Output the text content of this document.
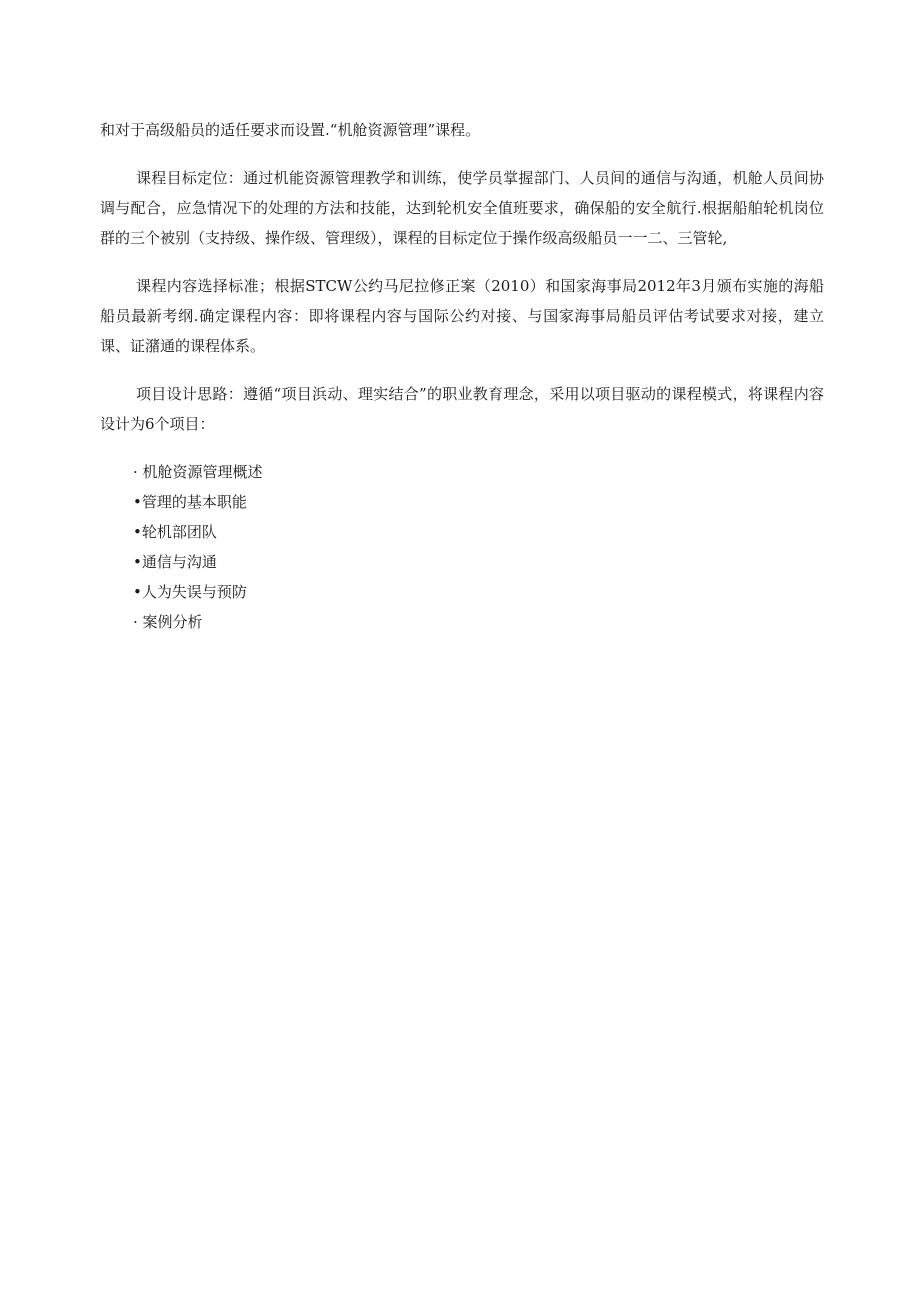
和对于高级船员的适任要求而设置.“机舱资源管理”课程。

课程目标定位：通过机能资源管理教学和训练，使学员掌握部门、人员间的通信与沟通，机舱人员间协调与配合，应急情况下的处理的方法和技能，达到轮机安全值班要求，确保船的安全航行.根据船舶轮机岗位群的三个被别（支持级、操作级、管理级），课程的目标定位于操作级高级船员一一二、三管轮,

课程内容选择标准；根据STCW公约马尼拉修正案（2010）和国家海事局2012年3月颁布实施的海船船员最新考纲.确定课程内容：即将课程内容与国际公约对接、与国家海事局船员评估考试要求对接，建立课、证潴通的课程体系。

项目设计思路：遵循“项目浜动、理实结合”的职业教育理念，采用以项目驱动的课程模式，将课程内容设计为6个项目：

· 机舱资源管理概述
•管理的基本职能
•轮机部团队
•通信与沟通
•人为失误与预防
· 案例分析
